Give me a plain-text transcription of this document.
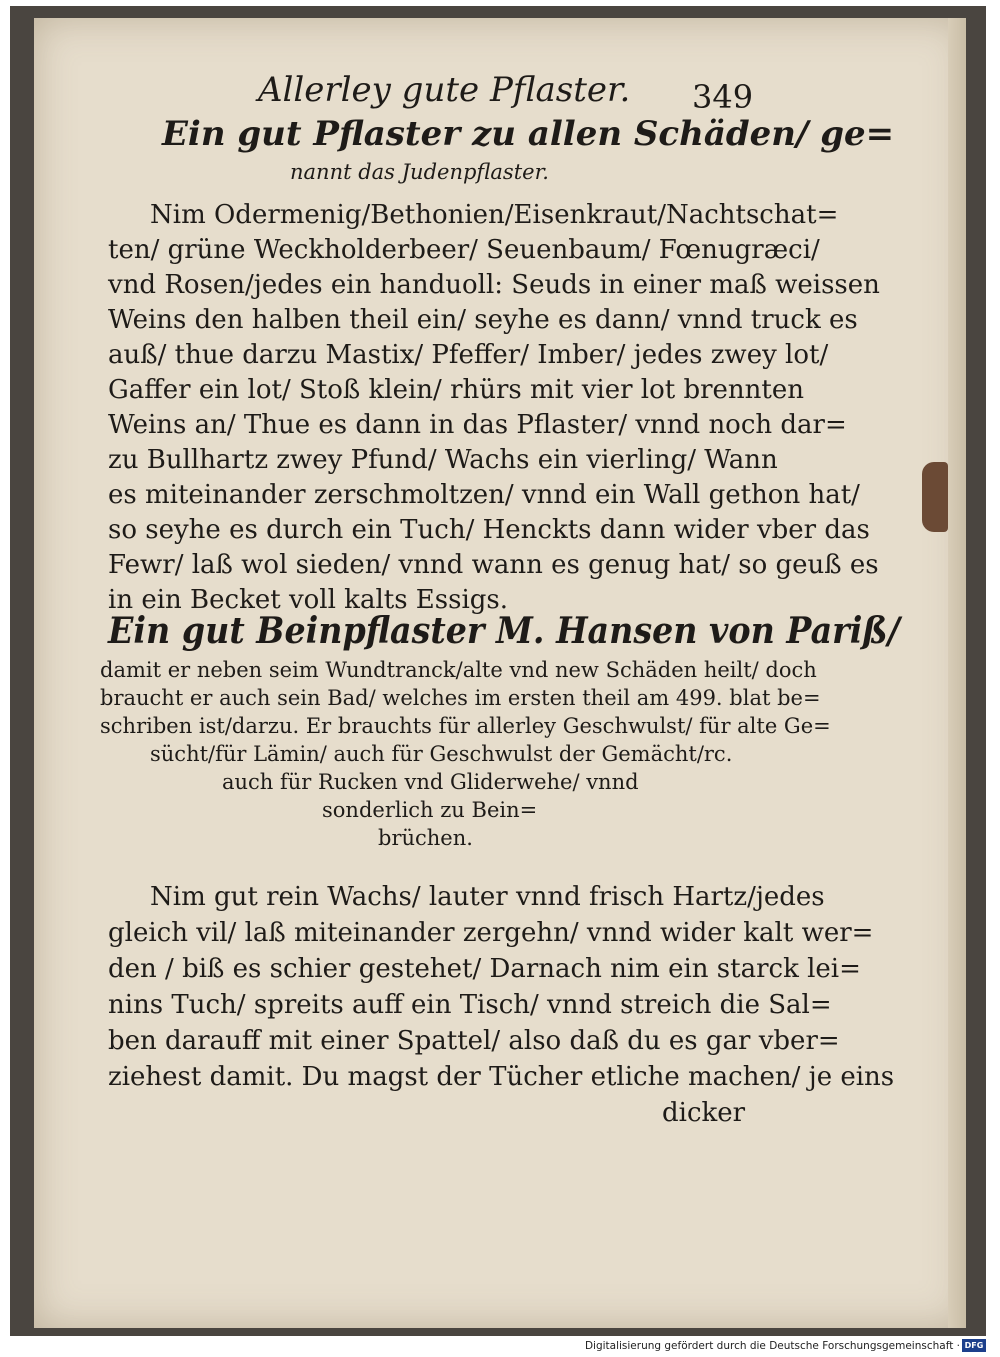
Allerley gute Pflaster. 349
Ein gut Pflaster zu allen Schäden/ ge=
nannt das Judenpflaster.
Nim Odermenig/Bethonien/Eisenkraut/Nachtschat=
ten/ grüne Weckholderbeer/ Seuenbaum/ Fœnugræci/
vnd Rosen/jedes ein handuoll: Seuds in einer maß weissen
Weins den halben theil ein/ seyhe es dann/ vnnd truck es
auß/ thue darzu Mastix/ Pfeffer/ Imber/ jedes zwey lot/
Gaffer ein lot/ Stoß klein/ rhürs mit vier lot brennten
Weins an/ Thue es dann in das Pflaster/ vnnd noch dar=
zu Bullhartz zwey Pfund/ Wachs ein vierling/ Wann
es miteinander zerschmoltzen/ vnnd ein Wall gethon hat/
so seyhe es durch ein Tuch/ Henckts dann wider vber das
Fewr/ laß wol sieden/ vnnd wann es genug hat/ so geuß es
in ein Becket voll kalts Essigs.
Ein gut Beinpflaster M. Hansen von Pariß/
damit er neben seim Wundtranck/alte vnd new Schäden heilt/ doch
braucht er auch sein Bad/ welches im ersten theil am 499. blat be=
schriben ist/darzu. Er brauchts für allerley Geschwulst/ für alte Ge=
sücht/für Lämin/ auch für Geschwulst der Gemächt/rc.
auch für Rucken vnd Gliderwehe/ vnnd
sonderlich zu Bein=
brüchen.
Nim gut rein Wachs/ lauter vnnd frisch Hartz/jedes
gleich vil/ laß miteinander zergehn/ vnnd wider kalt wer=
den / biß es schier gestehet/ Darnach nim ein starck lei=
nins Tuch/ spreits auff ein Tisch/ vnnd streich die Sal=
ben darauff mit einer Spattel/ also daß du es gar vber=
ziehest damit. Du magst der Tücher etliche machen/ je eins
dicker
Digitalisierung gefördert durch die Deutsche Forschungsgemeinschaft · DFG
